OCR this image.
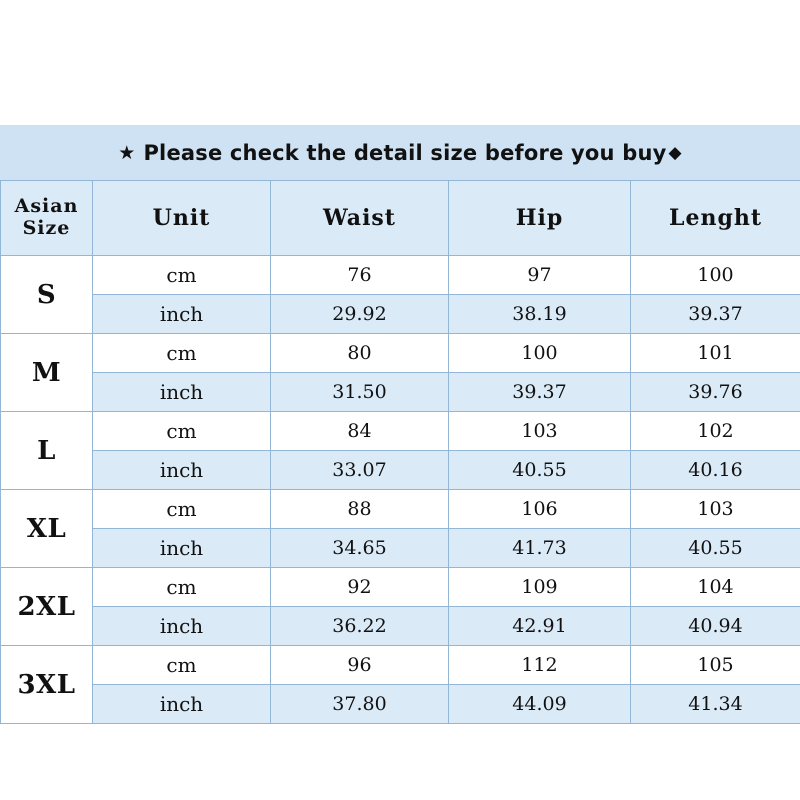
★ Please check the detail size before you buy ◆
Asian
Size	Unit	Waist	Hip	Lenght
S	cm	76	97	100
	inch	29.92	38.19	39.37
M	cm	80	100	101
	inch	31.50	39.37	39.76
L	cm	84	103	102
	inch	33.07	40.55	40.16
XL	cm	88	106	103
	inch	34.65	41.73	40.55
2XL	cm	92	109	104
	inch	36.22	42.91	40.94
3XL	cm	96	112	105
	inch	37.80	44.09	41.34
